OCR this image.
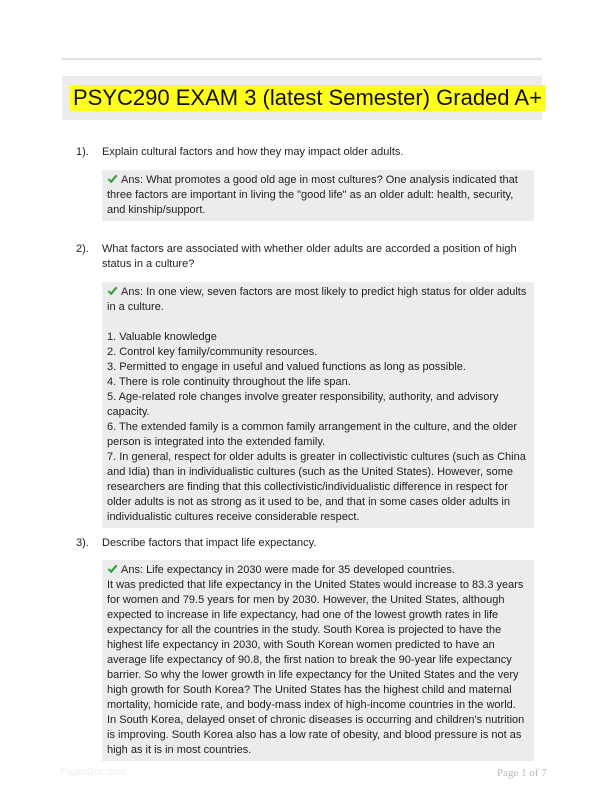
PSYC290 EXAM 3 (latest Semester) Graded A+
1). Explain cultural factors and how they may impact older adults.

Ans: What promotes a good old age in most cultures? One analysis indicated that three factors are important in living the "good life" as an older adult: health, security, and kinship/support.

2). What factors are associated with whether older adults are accorded a position of high status in a culture?

Ans: In one view, seven factors are most likely to predict high status for older adults in a culture.

1. Valuable knowledge
2. Control key family/community resources.
3. Permitted to engage in useful and valued functions as long as possible.
4. There is role continuity throughout the life span.
5. Age-related role changes involve greater responsibility, authority, and advisory capacity.
6. The extended family is a common family arrangement in the culture, and the older person is integrated into the extended family.
7. In general, respect for older adults is greater in collectivistic cultures (such as China and Idia) than in individualistic cultures (such as the United States). However, some researchers are finding that this collectivistic/individualistic difference in respect for older adults is not as strong as it used to be, and that in some cases older adults in individualistic cultures receive considerable respect.
3). Describe factors that impact life expectancy.

Ans: Life expectancy in 2030 were made for 35 developed countries.

It was predicted that life expectancy in the United States would increase to 83.3 years for women and 79.5 years for men by 2030. However, the United States, although expected to increase in life expectancy, had one of the lowest growth rates in life expectancy for all the countries in the study. South Korea is projected to have the highest life expectancy in 2030, with South Korean women predicted to have an average life expectancy of 90.8, the first nation to break the 90-year life expectancy barrier. So why the lower growth in life expectancy for the United States and the very high growth for South Korea? The United States has the highest child and maternal mortality, homicide rate, and body-mass index of high-income countries in the world. In South Korea, delayed onset of chronic diseases is occurring and children's nutrition is improving. South Korea also has a low rate of obesity, and blood pressure is not as high as it is in most countries.

PaperDoc.com	Page 1 of 7
